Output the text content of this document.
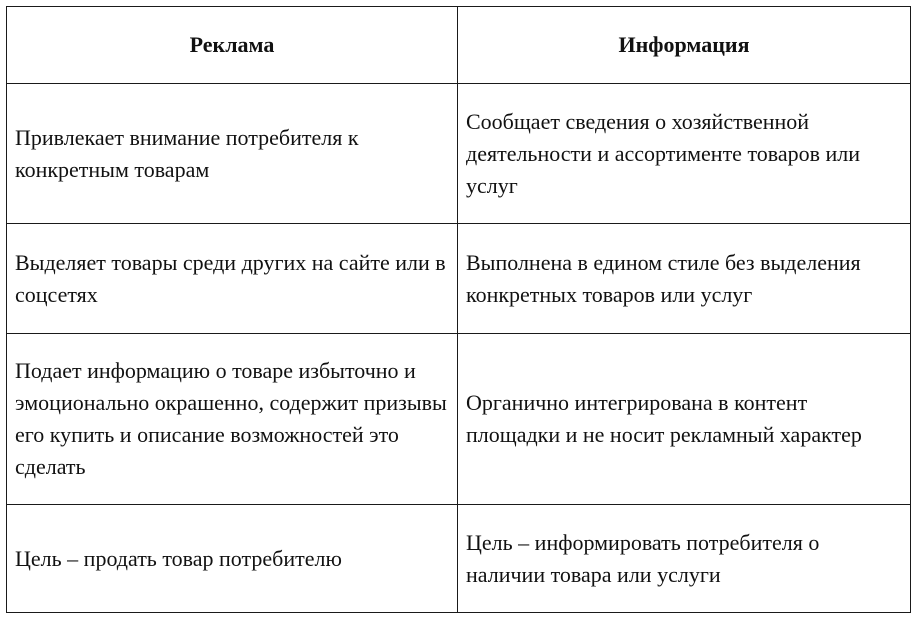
Реклама	Информация

Привлекает внимание потребителя к конкретным товарам	Сообщает сведения о хозяйственной деятельности и ассортименте товаров или услуг

Выделяет товары среди других на сайте или в соцсетях	Выполнена в едином стиле без выделения конкретных товаров или услуг

Подает информацию о товаре избыточно и эмоционально окрашенно, содержит призывы его купить и описание возможностей это сделать	Органично интегрирована в контент площадки и не носит рекламный характер

Цель – продать товар потребителю	Цель – информировать потребителя о наличии товара или услуги
